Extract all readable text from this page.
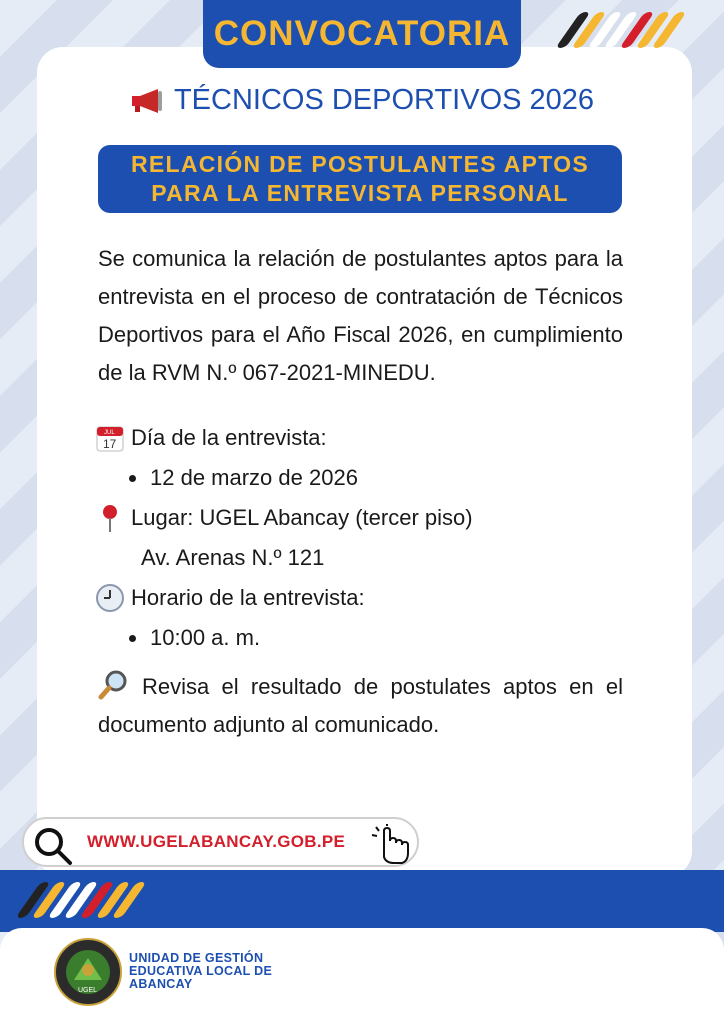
CONVOCATORIA
TÉCNICOS DEPORTIVOS 2026
RELACIÓN DE POSTULANTES APTOS
PARA LA ENTREVISTA PERSONAL
Se comunica la relación de postulantes aptos para la entrevista en el proceso de contratación de Técnicos Deportivos para el Año Fiscal 2026, en cumplimiento de la RVM N.º 067-2021-MINEDU.
JUL
17 Día de la entrevista:
12 de marzo de 2026
Lugar: UGEL Abancay (tercer piso)
Av. Arenas N.º 121
Horario de la entrevista:
10:00 a. m.
Revisa el resultado de postulates aptos en el documento adjunto al comunicado.
WWW.UGELABANCAY.GOB.PE
UGEL
UNIDAD DE GESTIÓN
EDUCATIVA LOCAL DE
ABANCAY
